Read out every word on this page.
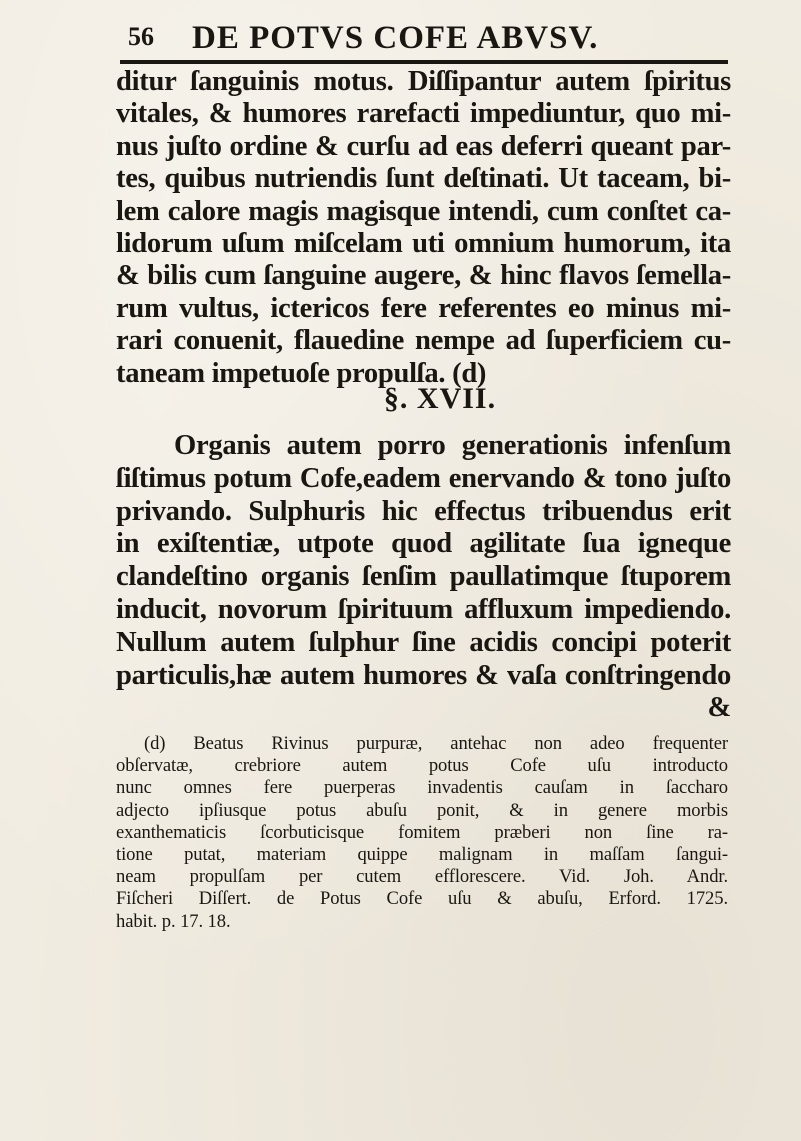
56 DE POTVS COFE ABVSV.
ditur ſanguinis motus. Diſſipantur autem ſpiritus
vitales, & humores rarefacti impediuntur, quo mi-
nus juſto ordine & curſu ad eas deferri queant par-
tes, quibus nutriendis ſunt deſtinati. Ut taceam, bi-
lem calore magis magisque intendi, cum conſtet ca-
lidorum uſum miſcelam uti omnium humorum, ita
& bilis cum ſanguine augere, & hinc flavos ſemella-
rum vultus, ictericos fere referentes eo minus mi-
rari conuenit, flauedine nempe ad ſuperficiem cu-
taneam impetuoſe propulſa. (d)
§. XVII.
Organis autem porro generationis infenſum
ſiſtimus potum Cofe,eadem enervando & tono juſto
privando. Sulphuris hic effectus tribuendus erit
in exiſtentiæ, utpote quod agilitate ſua igneque
clandeſtino organis ſenſim paullatimque ſtuporem
inducit, novorum ſpirituum affluxum impediendo.
Nullum autem ſulphur ſine acidis concipi poterit
particulis,hæ autem humores & vaſa conſtringendo
&
(d) Beatus Rivinus purpuræ, antehac non adeo frequenter
obſervatæ, crebriore autem potus Cofe uſu introducto
nunc omnes fere puerperas invadentis cauſam in ſaccharo
adjecto ipſiusque potus abuſu ponit, & in genere morbis
exanthematicis ſcorbuticisque fomitem præberi non ſine ra-
tione putat, materiam quippe malignam in maſſam ſangui-
neam propulſam per cutem efflorescere. Vid. Joh. Andr.
Fiſcheri Diſſert. de Potus Cofe uſu & abuſu, Erford. 1725.
habit. p. 17. 18.
